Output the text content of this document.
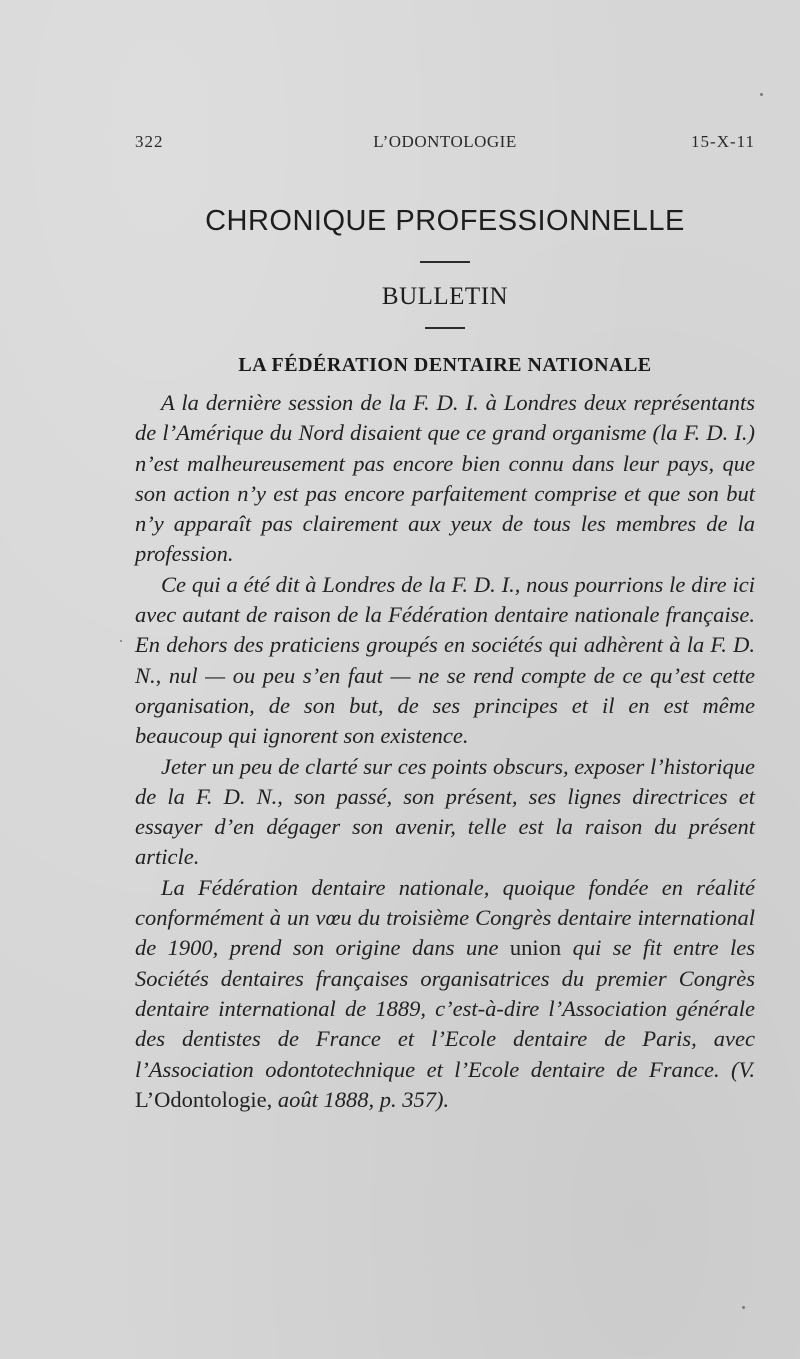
322	L’ODONTOLOGIE	15-X-11
CHRONIQUE PROFESSIONNELLE
BULLETIN
LA FÉDÉRATION DENTAIRE NATIONALE

A la dernière session de la F. D. I. à Londres deux représentants de l’Amérique du Nord disaient que ce grand organisme (la F. D. I.) n’est malheureusement pas encore bien connu dans leur pays, que son action n’y est pas encore parfaitement comprise et que son but n’y apparaît pas clairement aux yeux de tous les membres de la profession.

Ce qui a été dit à Londres de la F. D. I., nous pourrions le dire ici avec autant de raison de la Fédération dentaire nationale française. En dehors des praticiens groupés en sociétés qui adhèrent à la F. D. N., nul — ou peu s’en faut — ne se rend compte de ce qu’est cette organisation, de son but, de ses principes et il en est même beaucoup qui ignorent son existence.

Jeter un peu de clarté sur ces points obscurs, exposer l’historique de la F. D. N., son passé, son présent, ses lignes directrices et essayer d’en dégager son avenir, telle est la raison du présent article.

La Fédération dentaire nationale, quoique fondée en réalité conformément à un vœu du troisième Congrès dentaire international de 1900, prend son origine dans une union qui se fit entre les Sociétés dentaires françaises organisatrices du premier Congrès dentaire international de 1889, c’est-à-dire l’Association générale des dentistes de France et l’Ecole dentaire de Paris, avec l’Association odontotechnique et l’Ecole dentaire de France. (V. L’Odontologie, août 1888, p. 357).
